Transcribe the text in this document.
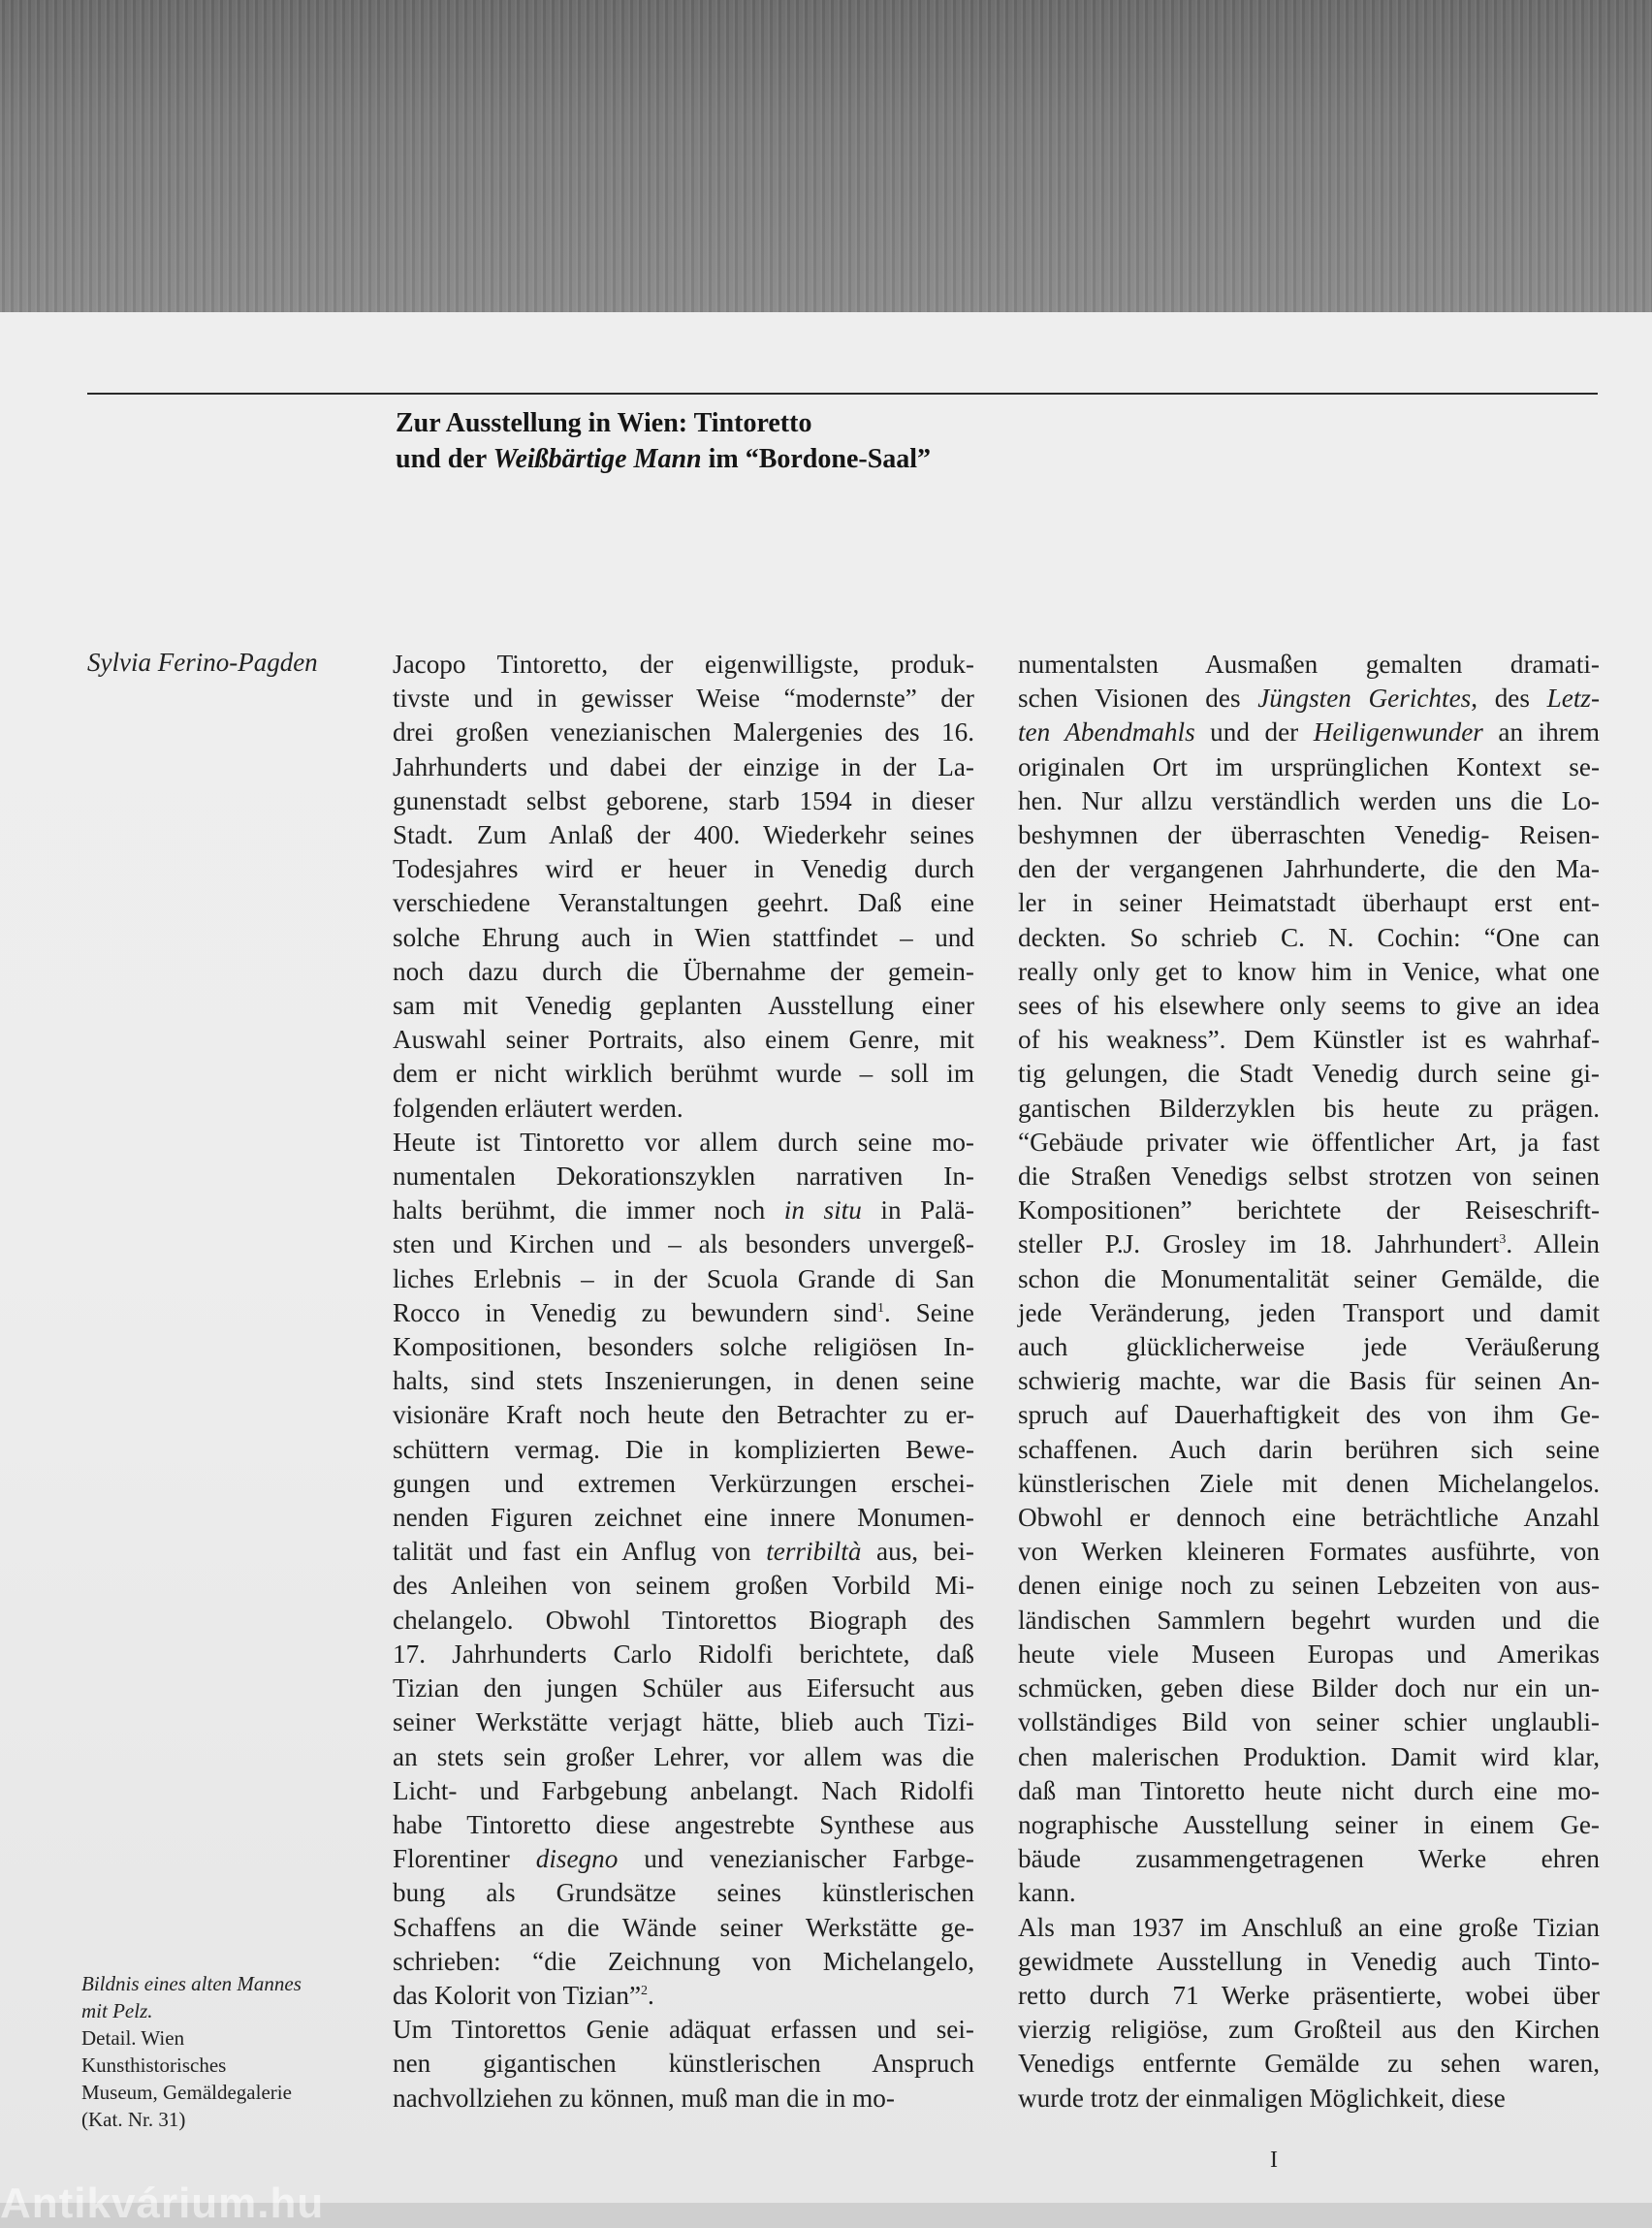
Zur Ausstellung in Wien: Tintoretto
und der Weißbärtige Mann im “Bordone-Saal”
Sylvia Ferino-Pagden	Jacopo Tintoretto, der eigenwilligste, produk-
tivste und in gewisser Weise “modernste” der
drei großen venezianischen Malergenies des 16.
Jahrhunderts und dabei der einzige in der La-
gunenstadt selbst geborene, starb 1594 in dieser
Stadt. Zum Anlaß der 400. Wiederkehr seines
Todesjahres wird er heuer in Venedig durch
verschiedene Veranstaltungen geehrt. Daß eine
solche Ehrung auch in Wien stattfindet – und
noch dazu durch die Übernahme der gemein-
sam mit Venedig geplanten Ausstellung einer
Auswahl seiner Portraits, also einem Genre, mit
dem er nicht wirklich berühmt wurde – soll im
folgenden erläutert werden.
Heute ist Tintoretto vor allem durch seine mo-
numentalen Dekorationszyklen narrativen In-
halts berühmt, die immer noch in situ in Palä-
sten und Kirchen und – als besonders unvergeß-
liches Erlebnis – in der Scuola Grande di San
Rocco in Venedig zu bewundern sind$^1$. Seine
Kompositionen, besonders solche religiösen In-
halts, sind stets Inszenierungen, in denen seine
visionäre Kraft noch heute den Betrachter zu er-
schüttern vermag. Die in komplizierten Bewe-
gungen und extremen Verkürzungen erschei-
nenden Figuren zeichnet eine innere Monumen-
talität und fast ein Anflug von terribiltà aus, bei-
des Anleihen von seinem großen Vorbild Mi-
chelangelo. Obwohl Tintorettos Biograph des
17. Jahrhunderts Carlo Ridolfi berichtete, daß
Tizian den jungen Schüler aus Eifersucht aus
seiner Werkstätte verjagt hätte, blieb auch Tizi-
an stets sein großer Lehrer, vor allem was die
Licht- und Farbgebung anbelangt. Nach Ridolfi
habe Tintoretto diese angestrebte Synthese aus
Florentiner disegno und venezianischer Farbge-
bung als Grundsätze seines künstlerischen
Schaffens an die Wände seiner Werkstätte ge-
schrieben: “die Zeichnung von Michelangelo,
das Kolorit von Tizian”$^2$.
Um Tintorettos Genie adäquat erfassen und sei-
nen gigantischen künstlerischen Anspruch
nachvollziehen zu können, muß man die in mo-
numentalsten Ausmaßen gemalten dramati-
schen Visionen des Jüngsten Gerichtes, des Letz-
ten Abendmahls und der Heiligenwunder an ihrem
originalen Ort im ursprünglichen Kontext se-
hen. Nur allzu verständlich werden uns die Lo-
beshymnen der überraschten Venedig- Reisen-
den der vergangenen Jahrhunderte, die den Ma-
ler in seiner Heimatstadt überhaupt erst ent-
deckten. So schrieb C. N. Cochin: “One can
really only get to know him in Venice, what one
sees of his elsewhere only seems to give an idea
of his weakness”. Dem Künstler ist es wahrhaf-
tig gelungen, die Stadt Venedig durch seine gi-
gantischen Bilderzyklen bis heute zu prägen.
“Gebäude privater wie öffentlicher Art, ja fast
die Straßen Venedigs selbst strotzen von seinen
Kompositionen” berichtete der Reiseschrift-
steller P.J. Grosley im 18. Jahrhundert$^3$. Allein
schon die Monumentalität seiner Gemälde, die
jede Veränderung, jeden Transport und damit
auch glücklicherweise jede Veräußerung
schwierig machte, war die Basis für seinen An-
spruch auf Dauerhaftigkeit des von ihm Ge-
schaffenen. Auch darin berühren sich seine
künstlerischen Ziele mit denen Michelangelos.
Obwohl er dennoch eine beträchtliche Anzahl
von Werken kleineren Formates ausführte, von
denen einige noch zu seinen Lebzeiten von aus-
ländischen Sammlern begehrt wurden und die
heute viele Museen Europas und Amerikas
schmücken, geben diese Bilder doch nur ein un-
vollständiges Bild von seiner schier unglaubli-
chen malerischen Produktion. Damit wird klar,
daß man Tintoretto heute nicht durch eine mo-
nographische Ausstellung seiner in einem Ge-
bäude zusammengetragenen Werke ehren
kann.
Als man 1937 im Anschluß an eine große Tizian
gewidmete Ausstellung in Venedig auch Tinto-
retto durch 71 Werke präsentierte, wobei über
vierzig religiöse, zum Großteil aus den Kirchen
Venedigs entfernte Gemälde zu sehen waren,
wurde trotz der einmaligen Möglichkeit, diese
Bildnis eines alten Mannes
mit Pelz.
Detail. Wien
Kunsthistorisches
Museum, Gemäldegalerie
(Kat. Nr. 31)
I
Antikvárium.hu
